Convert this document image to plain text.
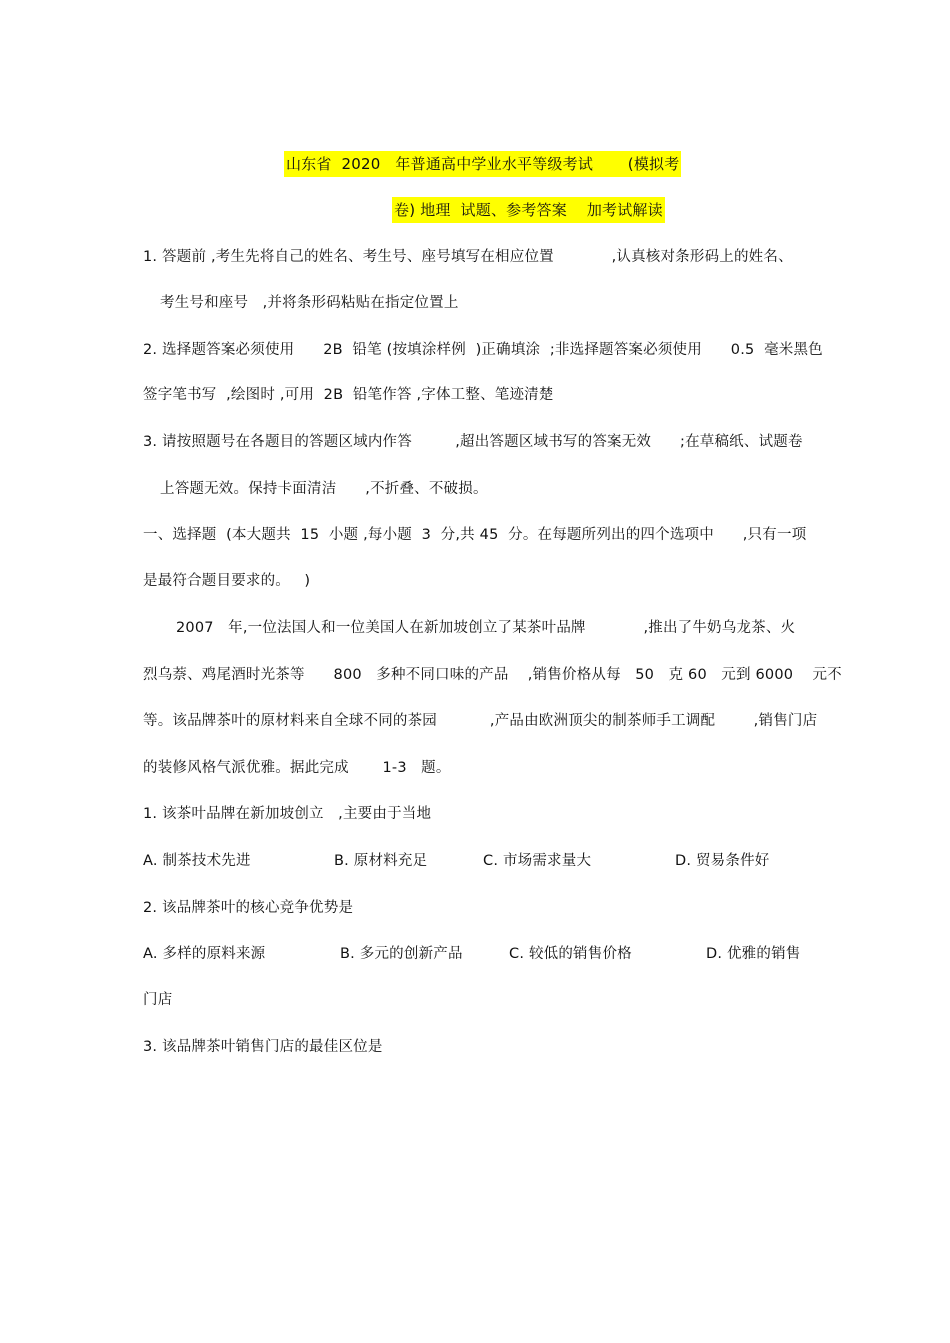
山东省  2020   年普通高中学业水平等级考试       (模拟考
卷) 地理  试题、参考答案    加考试解读
1. 答题前 ,考生先将自己的姓名、考生号、座号填写在相应位置            ,认真核对条形码上的姓名、
考生号和座号   ,并将条形码粘贴在指定位置上
2. 选择题答案必须使用      2B  铅笔 (按填涂样例  )正确填涂  ;非选择题答案必须使用      0.5  毫米黑色
签字笔书写  ,绘图时 ,可用  2B  铅笔作答 ,字体工整、笔迹清楚
3. 请按照题号在各题目的答题区域内作答         ,超出答题区域书写的答案无效      ;在草稿纸、试题卷
上答题无效。保持卡面清洁      ,不折叠、不破损。
一、选择题  (本大题共  15  小题 ,每小题  3  分,共 45  分。在每题所列出的四个选项中      ,只有一项
是最符合题目要求的。   )
2007   年,一位法国人和一位美国人在新加坡创立了某茶叶品牌            ,推出了牛奶乌龙茶、火
烈乌萘、鸡尾酒时光茶等      800   多种不同口味的产品    ,销售价格从每   50   克 60   元到 6000    元不
等。该品牌茶叶的原材料来自全球不同的茶园           ,产品由欧洲顶尖的制茶师手工调配        ,销售门店
的装修风格气派优雅。据此完成       1-3   题。
1. 该茶叶品牌在新加坡创立   ,主要由于当地
A. 制茶技术先进	B. 原材料充足	C. 市场需求量大	D. 贸易条件好
2. 该品牌茶叶的核心竞争优势是
A. 多样的原料来源	B. 多元的创新产品	C. 较低的销售价格	D. 优雅的销售
门店
3. 该品牌茶叶销售门店的最佳区位是
